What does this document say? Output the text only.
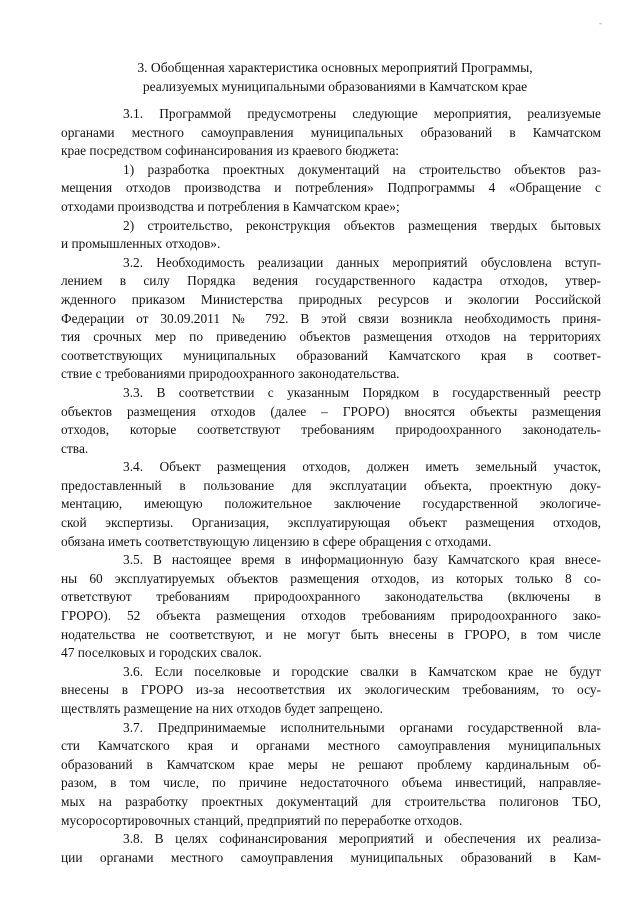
-
3. Обобщенная характеристика основных мероприятий Программы,
реализуемых муниципальными образованиями в Камчатском крае
3.1. Программой предусмотрены следующие мероприятия, реализуемые
органами местного самоуправления муниципальных образований в Камчатском
крае посредством софинансирования из краевого бюджета:
1) разработка проектных документаций на строительство объектов раз-
мещения отходов производства и потребления» Подпрограммы 4 «Обращение с
отходами производства и потребления в Камчатском крае»;
2) строительство, реконструкция объектов размещения твердых бытовых
и промышленных отходов».
3.2. Необходимость реализации данных мероприятий обусловлена вступ-
лением в силу Порядка ведения государственного кадастра отходов, утвер-
жденного приказом Министерства природных ресурсов и экологии Российской
Федерации от 30.09.2011 № 792. В этой связи возникла необходимость приня-
тия срочных мер по приведению объектов размещения отходов на территориях
соответствующих муниципальных образований Камчатского края в соответ-
ствие с требованиями природоохранного законодательства.
3.3. В соответствии с указанным Порядком в государственный реестр
объектов размещения отходов (далее – ГРОРО) вносятся объекты размещения
отходов, которые соответствуют требованиям природоохранного законодатель-
ства.
3.4. Объект размещения отходов, должен иметь земельный участок,
предоставленный в пользование для эксплуатации объекта, проектную доку-
ментацию, имеющую положительное заключение государственной экологиче-
ской экспертизы. Организация, эксплуатирующая объект размещения отходов,
обязана иметь соответствующую лицензию в сфере обращения с отходами.
3.5. В настоящее время в информационную базу Камчатского края внесе-
ны 60 эксплуатируемых объектов размещения отходов, из которых только 8 со-
ответствуют требованиям природоохранного законодательства (включены в
ГРОРО). 52 объекта размещения отходов требованиям природоохранного зако-
нодательства не соответствуют, и не могут быть внесены в ГРОРО, в том числе
47 поселковых и городских свалок.
3.6. Если поселковые и городские свалки в Камчатском крае не будут
внесены в ГРОРО из-за несоответствия их экологическим требованиям, то осу-
ществлять размещение на них отходов будет запрещено.
3.7. Предпринимаемые исполнительными органами государственной вла-
сти Камчатского края и органами местного самоуправления муниципальных
образований в Камчатском крае меры не решают проблему кардинальным об-
разом, в том числе, по причине недостаточного объема инвестиций, направляе-
мых на разработку проектных документаций для строительства полигонов ТБО,
мусоросортировочных станций, предприятий по переработке отходов.
3.8. В целях софинансирования мероприятий и обеспечения их реализа-
ции органами местного самоуправления муниципальных образований в Кам-
